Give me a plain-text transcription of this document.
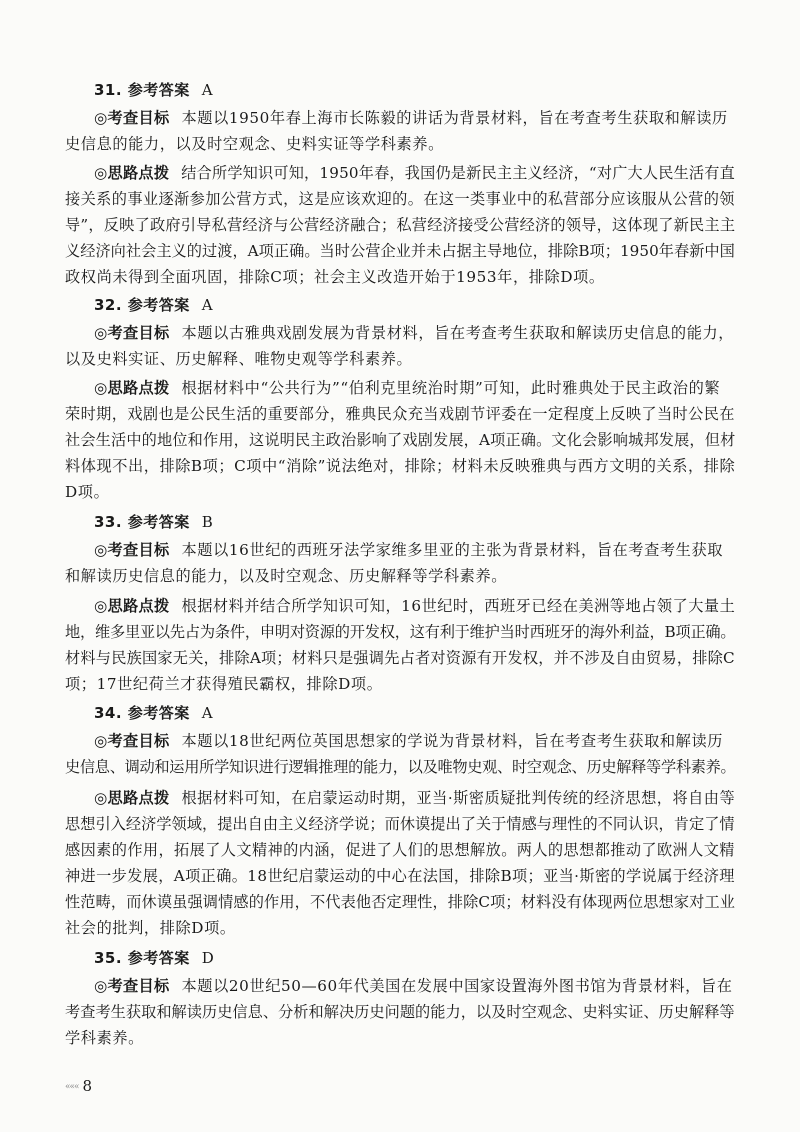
31. 参考答案 A
◎考查目标 本题以1950年春上海市长陈毅的讲话为背景材料，旨在考查考生获取和解读历
史信息的能力，以及时空观念、史料实证等学科素养。
◎思路点拨 结合所学知识可知，1950年春，我国仍是新民主主义经济，“对广大人民生活有直
接关系的事业逐渐参加公营方式，这是应该欢迎的。在这一类事业中的私营部分应该服从公营的领
导”，反映了政府引导私营经济与公营经济融合；私营经济接受公营经济的领导，这体现了新民主主
义经济向社会主义的过渡，A项正确。当时公营企业并未占据主导地位，排除B项；1950年春新中国
政权尚未得到全面巩固，排除C项；社会主义改造开始于1953年，排除D项。
32. 参考答案 A
◎考查目标 本题以古雅典戏剧发展为背景材料，旨在考查考生获取和解读历史信息的能力，
以及史料实证、历史解释、唯物史观等学科素养。
◎思路点拨 根据材料中“公共行为”“伯利克里统治时期”可知，此时雅典处于民主政治的繁
荣时期，戏剧也是公民生活的重要部分，雅典民众充当戏剧节评委在一定程度上反映了当时公民在
社会生活中的地位和作用，这说明民主政治影响了戏剧发展，A项正确。文化会影响城邦发展，但材
料体现不出，排除B项；C项中“消除”说法绝对，排除；材料未反映雅典与西方文明的关系，排除
D项。
33. 参考答案 B
◎考查目标 本题以16世纪的西班牙法学家维多里亚的主张为背景材料，旨在考查考生获取
和解读历史信息的能力，以及时空观念、历史解释等学科素养。
◎思路点拨 根据材料并结合所学知识可知，16世纪时，西班牙已经在美洲等地占领了大量土
地，维多里亚以先占为条件，申明对资源的开发权，这有利于维护当时西班牙的海外利益，B项正确。
材料与民族国家无关，排除A项；材料只是强调先占者对资源有开发权，并不涉及自由贸易，排除C
项；17世纪荷兰才获得殖民霸权，排除D项。
34. 参考答案 A
◎考查目标 本题以18世纪两位英国思想家的学说为背景材料，旨在考查考生获取和解读历
史信息、调动和运用所学知识进行逻辑推理的能力，以及唯物史观、时空观念、历史解释等学科素养。
◎思路点拨 根据材料可知，在启蒙运动时期，亚当·斯密质疑批判传统的经济思想，将自由等
思想引入经济学领域，提出自由主义经济学说；而休谟提出了关于情感与理性的不同认识，肯定了情
感因素的作用，拓展了人文精神的内涵，促进了人们的思想解放。两人的思想都推动了欧洲人文精
神进一步发展，A项正确。18世纪启蒙运动的中心在法国，排除B项；亚当·斯密的学说属于经济理
性范畴，而休谟虽强调情感的作用，不代表他否定理性，排除C项；材料没有体现两位思想家对工业
社会的批判，排除D项。
35. 参考答案 D
◎考查目标 本题以20世纪50—60年代美国在发展中国家设置海外图书馆为背景材料，旨在
考查考生获取和解读历史信息、分析和解决历史问题的能力，以及时空观念、史料实证、历史解释等
学科素养。
««« 8
